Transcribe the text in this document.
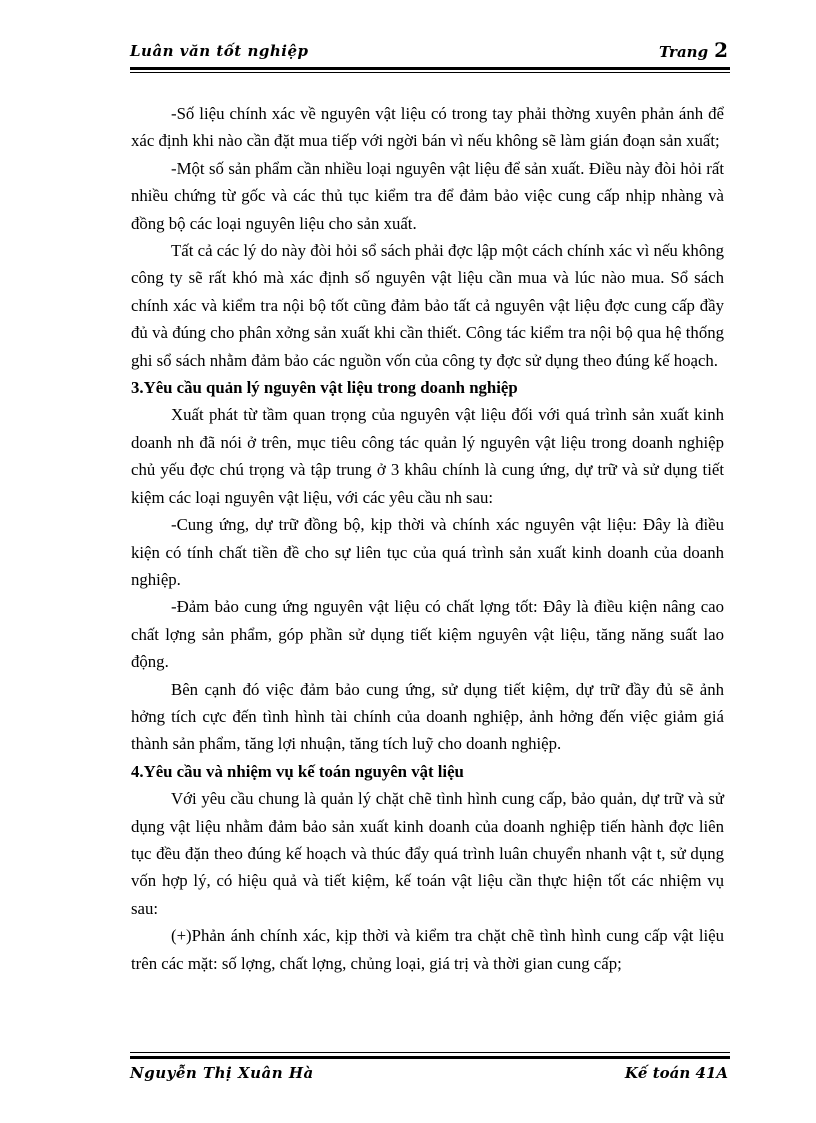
Luân văn tốt nghiệp	Trang 2

-Số liệu chính xác về nguyên vật liệu có trong tay phải thờng xuyên phản ánh để xác định khi nào cần đặt mua tiếp với ngời bán vì nếu không sẽ làm gián đoạn sản xuất;

-Một số sản phẩm cần nhiều loại nguyên vật liệu để sản xuất. Điều này đòi hỏi rất nhiều chứng từ gốc và các thủ tục kiểm tra để đảm bảo việc cung cấp nhịp nhàng và đồng bộ các loại nguyên liệu cho sản xuất.

Tất cả các lý do này đòi hỏi sổ sách phải đợc lập một cách chính xác vì nếu không công ty sẽ rất khó mà xác định số nguyên vật liệu cần mua và lúc nào mua. Sổ sách chính xác và kiểm tra nội bộ tốt cũng đảm bảo tất cả nguyên vật liệu đợc cung cấp đầy đủ và đúng cho phân xởng sản xuất khi cần thiết. Công tác kiểm tra nội bộ qua hệ thống ghi sổ sách nhằm đảm bảo các nguồn vốn của công ty đợc sử dụng theo đúng kế hoạch.

3.Yêu cầu quản lý nguyên vật liệu trong doanh nghiệp

Xuất phát từ tầm quan trọng của nguyên vật liệu đối với quá trình sản xuất kinh doanh nh đã nói ở trên, mục tiêu công tác quản lý nguyên vật liệu trong doanh nghiệp chủ yếu đợc chú trọng và tập trung ở 3 khâu chính là cung ứng, dự trữ và sử dụng tiết kiệm các loại nguyên vật liệu, với các yêu cầu nh sau:

-Cung ứng, dự trữ đồng bộ, kịp thời và chính xác nguyên vật liệu: Đây là điều kiện có tính chất tiền đề cho sự liên tục của quá trình sản xuất kinh doanh của doanh nghiệp.

-Đảm bảo cung ứng nguyên vật liệu có chất lợng tốt: Đây là điều kiện nâng cao chất lợng sản phẩm, góp phần sử dụng tiết kiệm nguyên vật liệu, tăng năng suất lao động.

Bên cạnh đó việc đảm bảo cung ứng, sử dụng tiết kiệm, dự trữ đầy đủ sẽ ảnh hởng tích cực đến tình hình tài chính của doanh nghiệp, ảnh hởng đến việc giảm giá thành sản phẩm, tăng lợi nhuận, tăng tích luỹ cho doanh nghiệp.

4.Yêu cầu và nhiệm vụ kế toán nguyên vật liệu

Với yêu cầu chung là quản lý chặt chẽ tình hình cung cấp, bảo quản, dự trữ và sử dụng vật liệu nhằm đảm bảo sản xuất kinh doanh của doanh nghiệp tiến hành đợc liên tục đều đặn theo đúng kế hoạch và thúc đẩy quá trình luân chuyển nhanh vật t, sử dụng vốn hợp lý, có hiệu quả và tiết kiệm, kế toán vật liệu cần thực hiện tốt các nhiệm vụ sau:

(+)Phản ánh chính xác, kịp thời và kiểm tra chặt chẽ tình hình cung cấp vật liệu trên các mặt: số lợng, chất lợng, chủng loại, giá trị và thời gian cung cấp;

Nguyễn Thị Xuân Hà	Kế toán 41A
